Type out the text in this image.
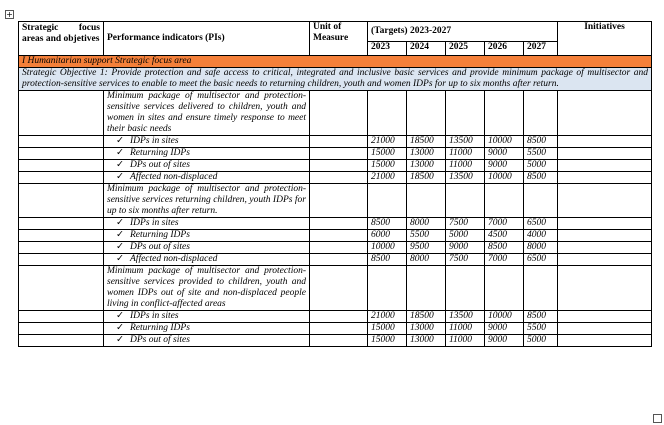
+
Strategic focus areas and objetives	Performance indicators (PIs)	Unit of Measure	(Targets) 2023-2027					Initiatives
			2023	2024	2025	2026	2027	
I Humanitarian support Strategic focus area								
Strategic Objective 1: Provide protection and safe access to critical, integrated and inclusive basic services and provide minimum package of multisector and protection-sensitive services to enable to meet the basic needs to returning children, youth and women IDPs for up to six months after return.								
	Minimum package of multisector and protection-sensitive services delivered to children, youth and women in sites and ensure timely response to meet their basic needs							
	✓ IDPs in sites		21000	18500	13500	10000	8500	
	✓ Returning IDPs		15000	13000	11000	9000	5500	
	✓ DPs out of sites		15000	13000	11000	9000	5000	
	✓ Affected non-displaced		21000	18500	13500	10000	8500	
	Minimum package of multisector and protection-sensitive services returning children, youth IDPs for up to six months after return.							
	✓ IDPs in sites		8500	8000	7500	7000	6500	
	✓ Returning IDPs		6000	5500	5000	4500	4000	
	✓ DPs out of sites		10000	9500	9000	8500	8000	
	✓ Affected non-displaced		8500	8000	7500	7000	6500	
	Minimum package of multisector and protection-sensitive services provided to children, youth and women IDPs out of site and non-displaced people living in conflict-affected areas							
	✓ IDPs in sites		21000	18500	13500	10000	8500	
	✓ Returning IDPs		15000	13000	11000	9000	5500	
	✓ DPs out of sites		15000	13000	11000	9000	5000	
